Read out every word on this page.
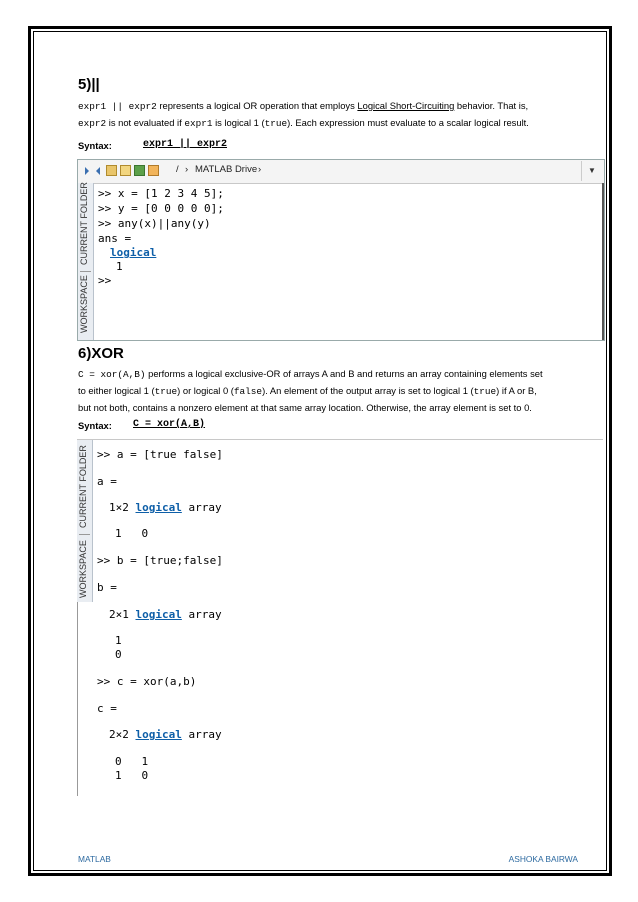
5)||
expr1 || expr2 represents a logical OR operation that employs Logical Short-Circuiting behavior. That is,
expr2 is not evaluated if expr1 is logical 1 (true). Each expression must evaluate to a scalar logical result.
Syntax:	expr1 || expr2
/ › MATLAB Drive ›	▼
CURRENT FOLDER
WORKSPACE
>> x = [1 2 3 4 5];
>> y = [0 0 0 0 0];
>> any(x)||any(y)
ans =
logical
1
>>
6)XOR
C = xor(A,B) performs a logical exclusive-OR of arrays A and B and returns an array containing elements set
to either logical 1 (true) or logical 0 (false). An element of the output array is set to logical 1 (true) if A or B,
but not both, contains a nonzero element at that same array location. Otherwise, the array element is set to 0.
Syntax: C = xor(A,B)
CURRENT FOLDER
WORKSPACE
>> a = [true false]
a =
1×2 logical array
1   0
>> b = [true;false]
b =
2×1 logical array
1
0
>> c = xor(a,b)
c =
2×2 logical array
0   1
1   0
MATLAB	ASHOKA BAIRWA
